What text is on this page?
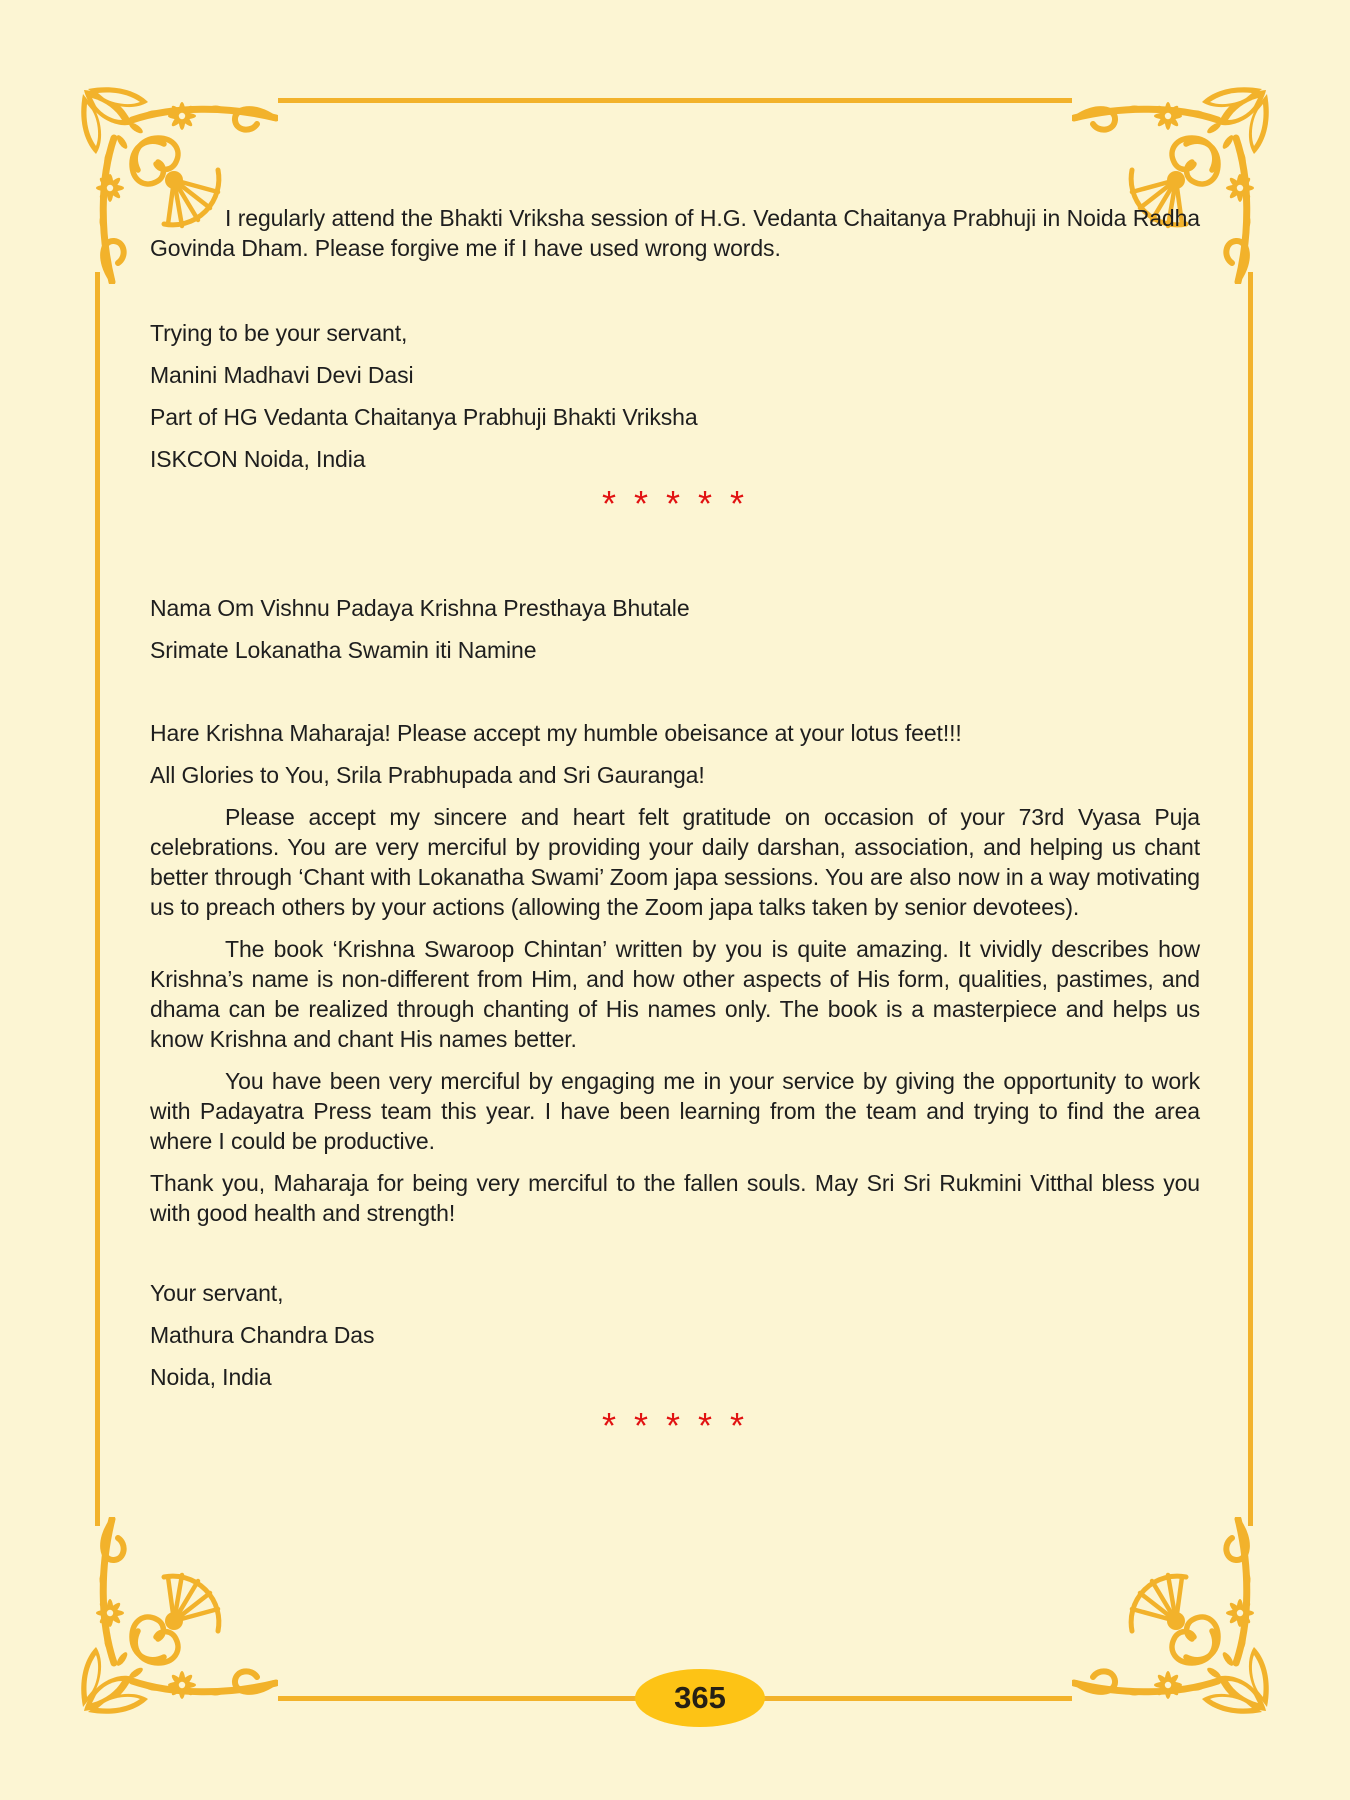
I regularly attend the Bhakti Vriksha session of H.G. Vedanta Chaitanya Prabhuji in Noida Radha Govinda Dham. Please forgive me if I have used wrong words.

Trying to be your servant,

Manini Madhavi Devi Dasi

Part of HG Vedanta Chaitanya Prabhuji Bhakti Vriksha

ISKCON Noida, India

* * * * *

Nama Om Vishnu Padaya Krishna Presthaya Bhutale

Srimate Lokanatha Swamin iti Namine

Hare Krishna Maharaja! Please accept my humble obeisance at your lotus feet!!!

All Glories to You, Srila Prabhupada and Sri Gauranga!

Please accept my sincere and heart felt gratitude on occasion of your 73rd Vyasa Puja celebrations. You are very merciful by providing your daily darshan, association, and helping us chant better through ‘Chant with Lokanatha Swami’ Zoom japa sessions. You are also now in a way motivating us to preach others by your actions (allowing the Zoom japa talks taken by senior devotees).

The book ‘Krishna Swaroop Chintan’ written by you is quite amazing. It vividly describes how Krishna’s name is non-different from Him, and how other aspects of His form, qualities, pastimes, and dhama can be realized through chanting of His names only. The book is a masterpiece and helps us know Krishna and chant His names better.

You have been very merciful by engaging me in your service by giving the opportunity to work with Padayatra Press team this year. I have been learning from the team and trying to find the area where I could be productive.

Thank you, Maharaja for being very merciful to the fallen souls. May Sri Sri Rukmini Vitthal bless you with good health and strength!

Your servant,

Mathura Chandra Das

Noida, India

* * * * *

365
